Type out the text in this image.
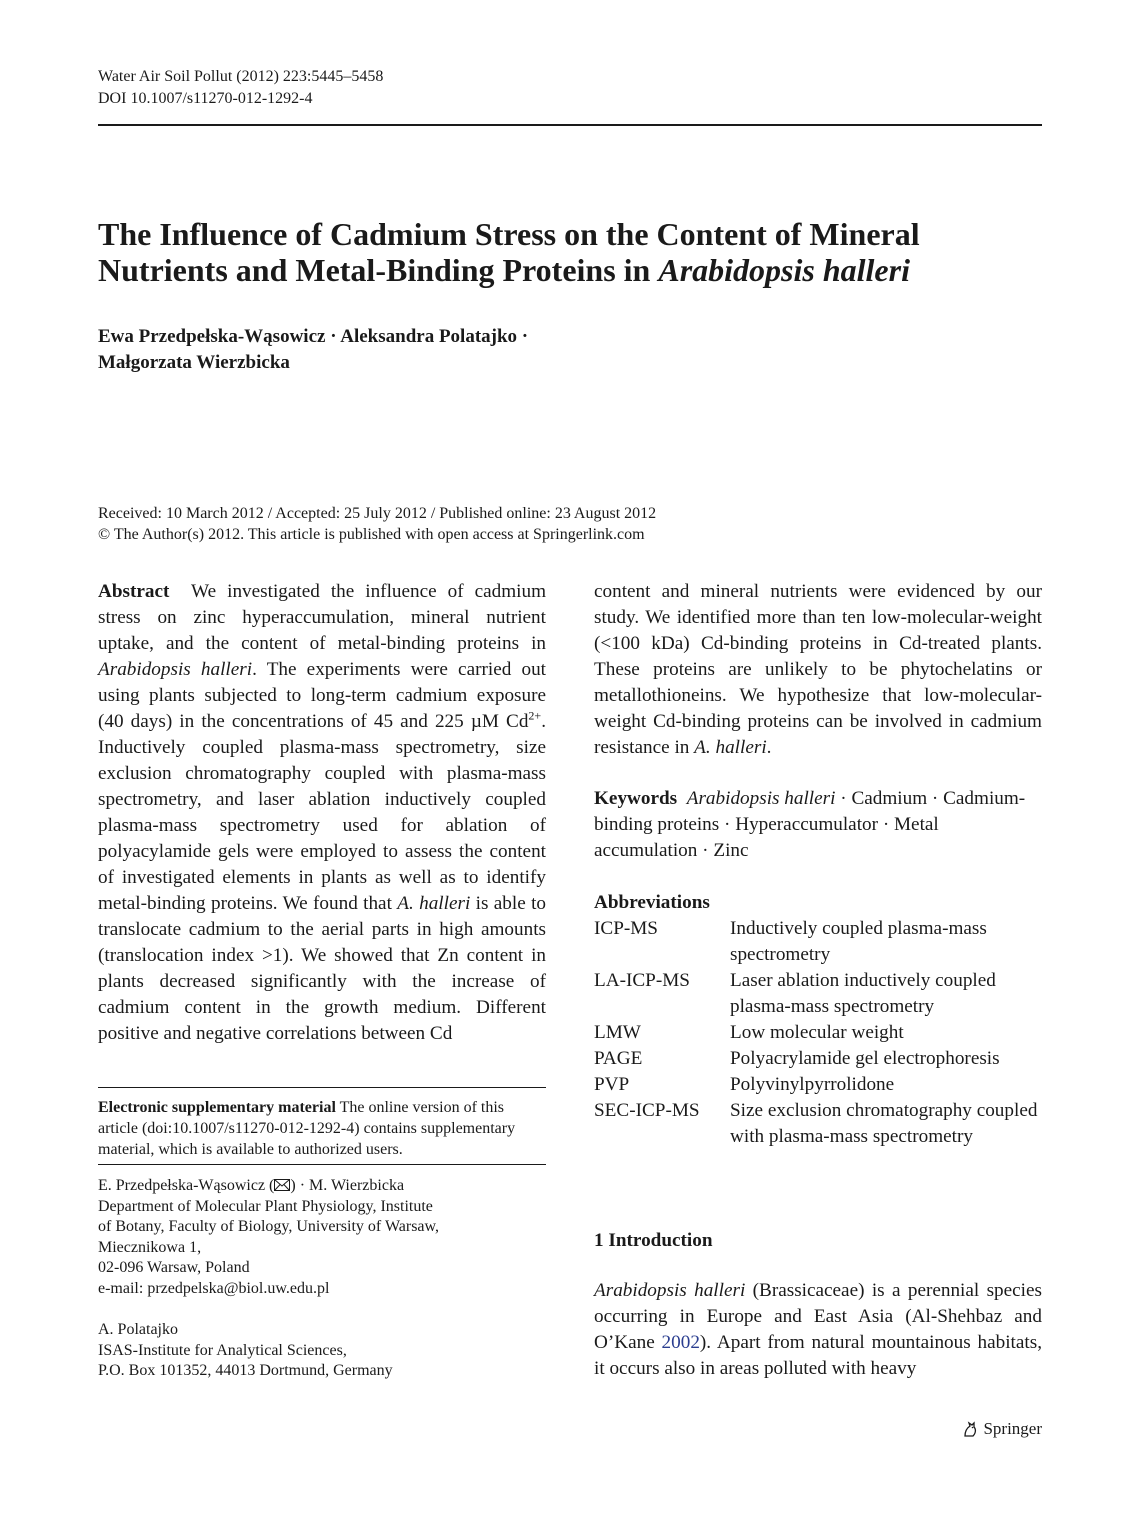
Water Air Soil Pollut (2012) 223:5445–5458
DOI 10.1007/s11270-012-1292-4
The Influence of Cadmium Stress on the Content of Mineral Nutrients and Metal-Binding Proteins in Arabidopsis halleri
Ewa Przedpełska-Wąsowicz · Aleksandra Polatajko ·
Małgorzata Wierzbicka
Received: 10 March 2012 / Accepted: 25 July 2012 / Published online: 23 August 2012
© The Author(s) 2012. This article is published with open access at Springerlink.com

Abstract We investigated the influence of cadmium stress on zinc hyperaccumulation, mineral nutrient uptake, and the content of metal-binding proteins in Arabidopsis halleri. The experiments were carried out using plants subjected to long-term cadmium exposure (40 days) in the concentrations of 45 and 225 µM $Cd^{2+}$. Inductively coupled plasma-mass spectrometry, size exclusion chromatography coupled with plasma-mass spectrometry, and laser ablation inductively coupled plasma-mass spectrometry used for ablation of polyacylamide gels were employed to assess the content of investigated elements in plants as well as to identify metal-binding proteins. We found that A. halleri is able to translocate cadmium to the aerial parts in high amounts (translocation index >1). We showed that Zn content in plants decreased significantly with the increase of cadmium content in the growth medium. Different positive and negative correlations between Cd

content and mineral nutrients were evidenced by our study. We identified more than ten low-molecular-weight (<100 kDa) Cd-binding proteins in Cd-treated plants. These proteins are unlikely to be phytochelatins or metallothioneins. We hypothesize that low-molecular-weight Cd-binding proteins can be involved in cadmium resistance in A. halleri.

Keywords Arabidopsis halleri · Cadmium · Cadmium-binding proteins · Hyperaccumulator · Metal accumulation · Zinc
Abbreviations
ICP-MS	Inductively coupled plasma-mass spectrometry
LA-ICP-MS	Laser ablation inductively coupled plasma-mass spectrometry
LMW	Low molecular weight
PAGE	Polyacrylamide gel electrophoresis
PVP	Polyvinylpyrrolidone
SEC-ICP-MS	Size exclusion chromatography coupled with plasma-mass spectrometry
1 Introduction
Arabidopsis halleri (Brassicaceae) is a perennial species occurring in Europe and East Asia (Al-Shehbaz and O’Kane 2002). Apart from natural mountainous habitats, it occurs also in areas polluted with heavy
Electronic supplementary material The online version of this article (doi:10.1007/s11270-012-1292-4) contains supplementary material, which is available to authorized users.
E. Przedpełska-Wąsowicz ( ) · M. Wierzbicka
Department of Molecular Plant Physiology, Institute
of Botany, Faculty of Biology, University of Warsaw,
Miecznikowa 1,
02-096 Warsaw, Poland
e-mail: przedpelska@biol.uw.edu.pl
A. Polatajko
ISAS-Institute for Analytical Sciences,
P.O. Box 101352, 44013 Dortmund, Germany
Springer
